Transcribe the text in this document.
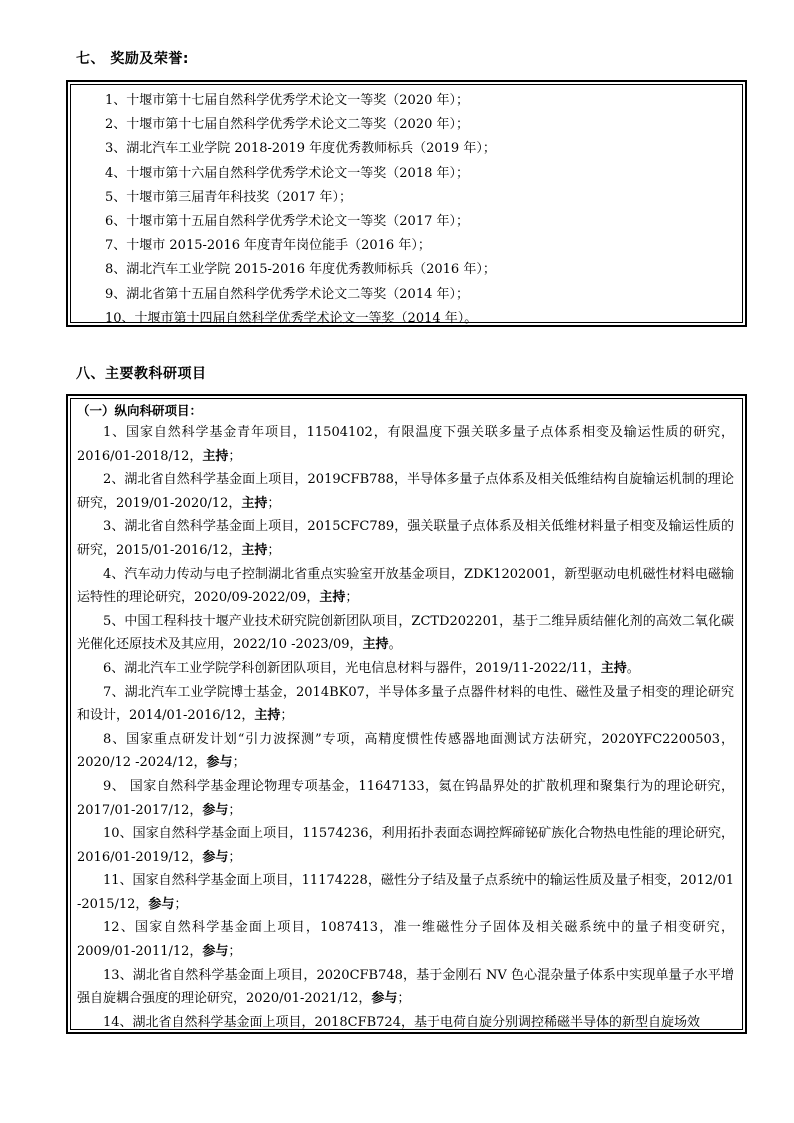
七、 奖励及荣誉:
1、十堰市第十七届自然科学优秀学术论文一等奖（2020 年）；
2、十堰市第十七届自然科学优秀学术论文二等奖（2020 年）；
3、湖北汽车工业学院 2018-2019 年度优秀教师标兵（2019 年）；
4、十堰市第十六届自然科学优秀学术论文一等奖（2018 年）；
5、十堰市第三届青年科技奖（2017 年）；
6、十堰市第十五届自然科学优秀学术论文一等奖（2017 年）；
7、十堰市 2015-2016 年度青年岗位能手（2016 年）；
8、湖北汽车工业学院 2015-2016 年度优秀教师标兵（2016 年）；
9、湖北省第十五届自然科学优秀学术论文二等奖（2014 年）；
10、十堰市第十四届自然科学优秀学术论文一等奖（2014 年）。
八、主要教科研项目
（一）纵向科研项目：
1、国家自然科学基金青年项目，11504102，有限温度下强关联多量子点体系相变及输运性质的研究，2016/01-2018/12，主持；
2、湖北省自然科学基金面上项目，2019CFB788，半导体多量子点体系及相关低维结构自旋输运机制的理论研究，2019/01-2020/12，主持；
3、湖北省自然科学基金面上项目，2015CFC789，强关联量子点体系及相关低维材料量子相变及输运性质的研究，2015/01-2016/12，主持；
4、汽车动力传动与电子控制湖北省重点实验室开放基金项目，ZDK1202001，新型驱动电机磁性材料电磁输运特性的理论研究，2020/09-2022/09，主持；
5、中国工程科技十堰产业技术研究院创新团队项目，ZCTD202201，基于二维异质结催化剂的高效二氧化碳光催化还原技术及其应用，2022/10 -2023/09，主持。
6、湖北汽车工业学院学科创新团队项目，光电信息材料与器件，2019/11-2022/11，主持。
7、湖北汽车工业学院博士基金，2014BK07，半导体多量子点器件材料的电性、磁性及量子相变的理论研究和设计，2014/01-2016/12，主持；
8、国家重点研发计划“引力波探测”专项，高精度惯性传感器地面测试方法研究，2020YFC2200503，2020/12 -2024/12，参与；
9、 国家自然科学基金理论物理专项基金，11647133，氦在钨晶界处的扩散机理和聚集行为的理论研究，2017/01-2017/12，参与；
10、国家自然科学基金面上项目，11574236，利用拓扑表面态调控辉碲铋矿族化合物热电性能的理论研究，2016/01-2019/12，参与；
11、国家自然科学基金面上项目，11174228，磁性分子结及量子点系统中的输运性质及量子相变，2012/01 -2015/12，参与；
12、国家自然科学基金面上项目，1087413，准一维磁性分子固体及相关磁系统中的量子相变研究，2009/01-2011/12，参与；
13、湖北省自然科学基金面上项目，2020CFB748，基于金刚石 NV 色心混杂量子体系中实现单量子水平增强自旋耦合强度的理论研究，2020/01-2021/12，参与；
14、湖北省自然科学基金面上项目，2018CFB724，基于电荷自旋分别调控稀磁半导体的新型自旋场效
